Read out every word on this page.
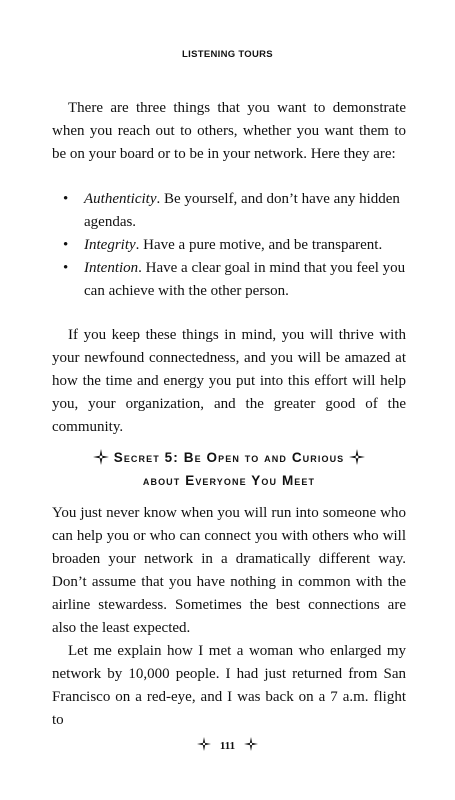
LISTENING TOURS

There are three things that you want to demonstrate when you reach out to others, whether you want them to be on your board or to be in your network. Here they are:

• Authenticity. Be yourself, and don’t have any hidden agendas.
• Integrity. Have a pure motive, and be transparent.
• Intention. Have a clear goal in mind that you feel you can achieve with the other person.

If you keep these things in mind, you will thrive with your newfound connectedness, and you will be amazed at how the time and energy you put into this effort will help you, your organization, and the greater good of the community.

Secret 5: Be Open to and Curious
about Everyone You Meet

You just never know when you will run into someone who can help you or who can connect you with others who will broaden your network in a dramatically different way. Don’t assume that you have nothing in common with the airline stewardess. Sometimes the best connections are also the least expected.

Let me explain how I met a woman who enlarged my network by 10,000 people. I had just returned from San Francisco on a red-eye, and I was back on a 7 a.m. flight to

111
